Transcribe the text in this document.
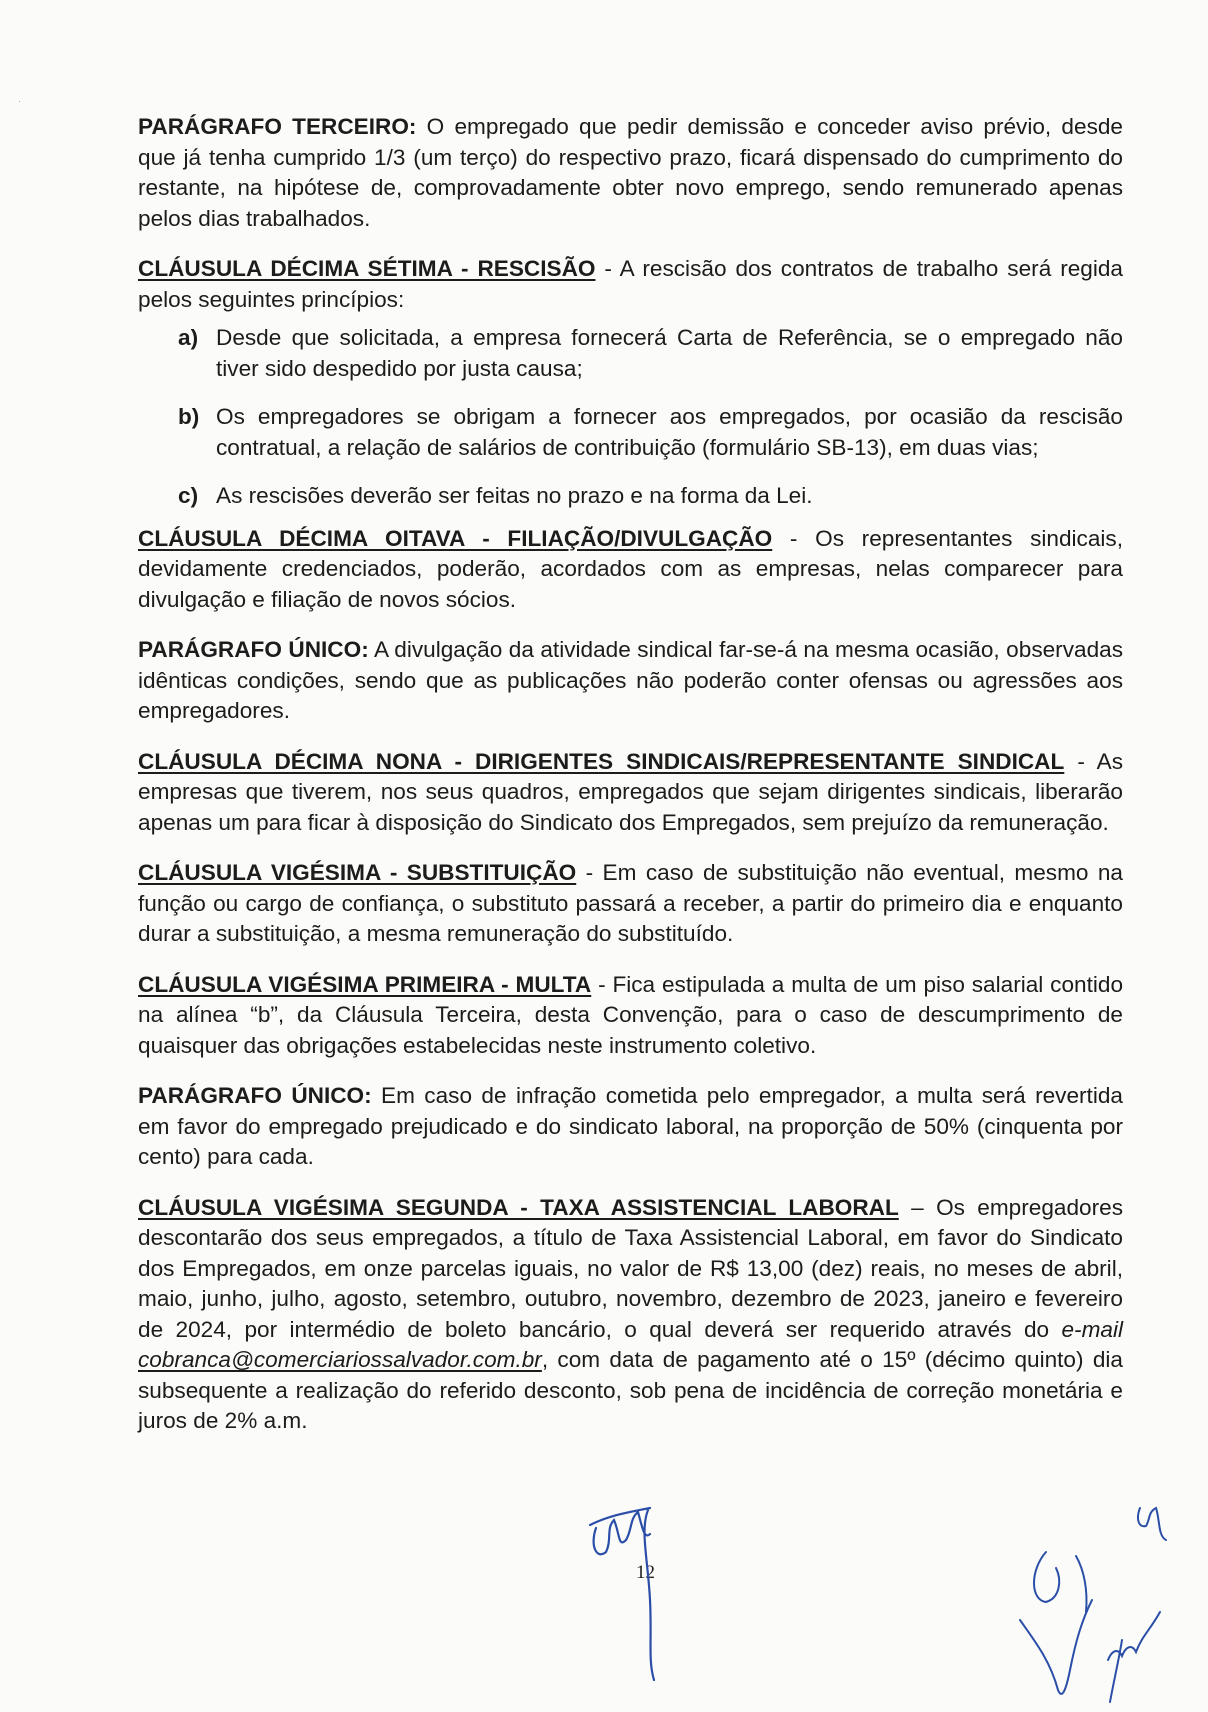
·

PARÁGRAFO TERCEIRO: O empregado que pedir demissão e conceder aviso prévio, desde que já tenha cumprido 1/3 (um terço) do respectivo prazo, ficará dispensado do cumprimento do restante, na hipótese de, comprovadamente obter novo emprego, sendo remunerado apenas pelos dias trabalhados.

CLÁUSULA DÉCIMA SÉTIMA - RESCISÃO - A rescisão dos contratos de trabalho será regida pelos seguintes princípios:

a) Desde que solicitada, a empresa fornecerá Carta de Referência, se o empregado não tiver sido despedido por justa causa;
b) Os empregadores se obrigam a fornecer aos empregados, por ocasião da rescisão contratual, a relação de salários de contribuição (formulário SB-13), em duas vias;
c) As rescisões deverão ser feitas no prazo e na forma da Lei.

CLÁUSULA DÉCIMA OITAVA - FILIAÇÃO/DIVULGAÇÃO - Os representantes sindicais, devidamente credenciados, poderão, acordados com as empresas, nelas comparecer para divulgação e filiação de novos sócios.

PARÁGRAFO ÚNICO: A divulgação da atividade sindical far-se-á na mesma ocasião, observadas idênticas condições, sendo que as publicações não poderão conter ofensas ou agressões aos empregadores.

CLÁUSULA DÉCIMA NONA - DIRIGENTES SINDICAIS/REPRESENTANTE SINDICAL - As empresas que tiverem, nos seus quadros, empregados que sejam dirigentes sindicais, liberarão apenas um para ficar à disposição do Sindicato dos Empregados, sem prejuízo da remuneração.

CLÁUSULA VIGÉSIMA - SUBSTITUIÇÃO - Em caso de substituição não eventual, mesmo na função ou cargo de confiança, o substituto passará a receber, a partir do primeiro dia e enquanto durar a substituição, a mesma remuneração do substituído.

CLÁUSULA VIGÉSIMA PRIMEIRA - MULTA - Fica estipulada a multa de um piso salarial contido na alínea “b”, da Cláusula Terceira, desta Convenção, para o caso de descumprimento de quaisquer das obrigações estabelecidas neste instrumento coletivo.

PARÁGRAFO ÚNICO: Em caso de infração cometida pelo empregador, a multa será revertida em favor do empregado prejudicado e do sindicato laboral, na proporção de 50% (cinquenta por cento) para cada.

CLÁUSULA VIGÉSIMA SEGUNDA - TAXA ASSISTENCIAL LABORAL – Os empregadores descontarão dos seus empregados, a título de Taxa Assistencial Laboral, em favor do Sindicato dos Empregados, em onze parcelas iguais, no valor de R$ 13,00 (dez) reais, no meses de abril, maio, junho, julho, agosto, setembro, outubro, novembro, dezembro de 2023, janeiro e fevereiro de 2024, por intermédio de boleto bancário, o qual deverá ser requerido através do e-mail cobranca@comerciariossalvador.com.br, com data de pagamento até o 15º (décimo quinto) dia subsequente a realização do referido desconto, sob pena de incidência de correção monetária e juros de 2% a.m.

12
